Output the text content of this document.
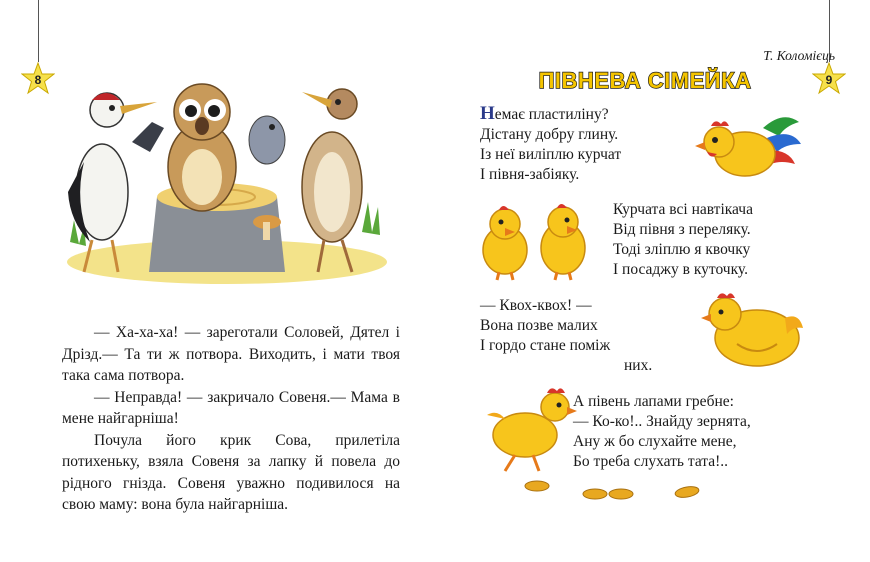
8

— Ха-ха-ха! — зареготали Соловей, Дятел і Дрізд.— Та ти ж потвора. Виходить, і мати твоя така сама потвора.

— Неправда! — закричало Совеня.— Мама в мене найгарніша!

Почула його крик Сова, прилетіла потихеньку, взяла Совеня за лапку й повела до рідного гнізда. Совеня уважно подивилося на свою маму: вона була найгарніша.

9
Т. Коломієць
ПІВНЕВА СІМЕЙКА
Немає пластиліну?
Дістану добру глину.
Із неї виліплю курчат
І півня-забіяку.
Курчата всі навтікача
Від півня з переляку.
Тоді зліплю я квочку
І посаджу в куточку.
— Квох-квох! —
Вона позве малих
І гордо стане поміж
них.
А півень лапами гребне:
— Ко-ко!.. Знайду зернята,
Ану ж бо слухайте мене,
Бо треба слухать тата!..
